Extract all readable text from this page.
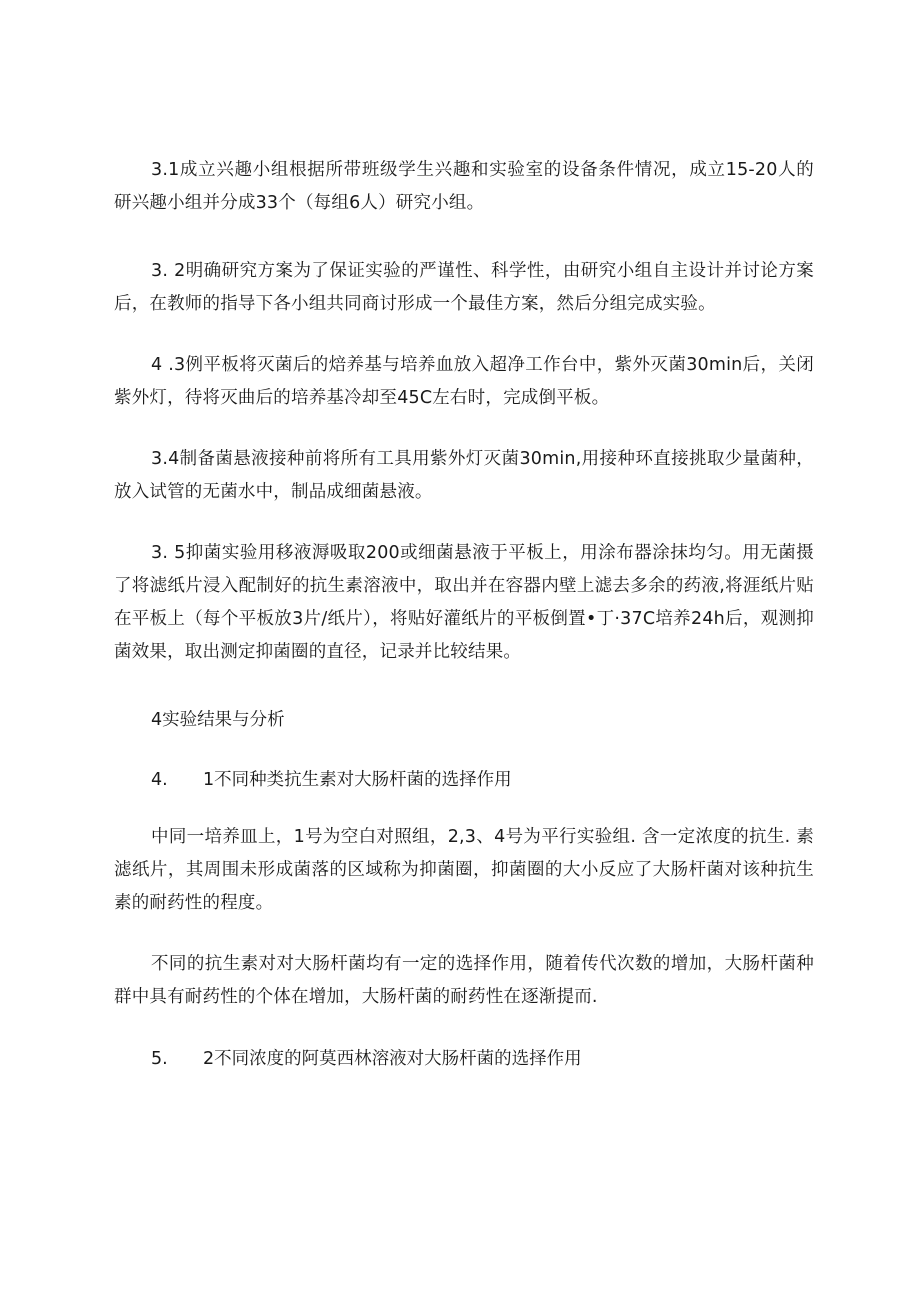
3.1成立兴趣小组根据所带班级学生兴趣和实验室的设备条件情况，成立15-20人的研兴趣小组并分成33个（每组6人）研究小组。

3. 2明确研究方案为了保证实验的严谨性、科学性，由研究小组自主设计并讨论方案后，在教师的指导下各小组共同商讨形成一个最佳方案，然后分组完成实验。

4 .3例平板将灭菌后的焙养基与培养血放入超净工作台中，紫外灭菌30min后，关闭紫外灯，待将灭曲后的培养基冷却至45C左右时，完成倒平板。

3.4制备菌悬液接种前将所有工具用紫外灯灭菌30min,用接种环直接挑取少量菌种，放入试管的无菌水中，制品成细菌悬液。

3. 5抑菌实验用移液溽吸取200或细菌悬液于平板上，用涂布器涂抹均匀。用无菌摄了将滤纸片浸入配制好的抗生素溶液中，取出并在容器内壁上滤去多余的药液,将涯纸片贴在平板上（每个平板放3片/纸片），将贴好灌纸片的平板倒置•丁·37C培养24h后，观测抑菌效果，取出测定抑菌圈的直径，记录并比较结果。

4实验结果与分析

4. 1不同种类抗生素对大肠杆菌的选择作用

中同一培养皿上，1号为空白对照组，2,3、4号为平行实验组. 含一定浓度的抗生. 素滤纸片，其周围未形成菌落的区域称为抑菌圈，抑菌圈的大小反应了大肠杆菌对该种抗生素的耐药性的程度。

不同的抗生素对对大肠杆菌均有一定的选择作用，随着传代次数的增加，大肠杆菌种群中具有耐药性的个体在增加，大肠杆菌的耐药性在逐渐提而.

5. 2不同浓度的阿莫西林溶液对大肠杆菌的选择作用
